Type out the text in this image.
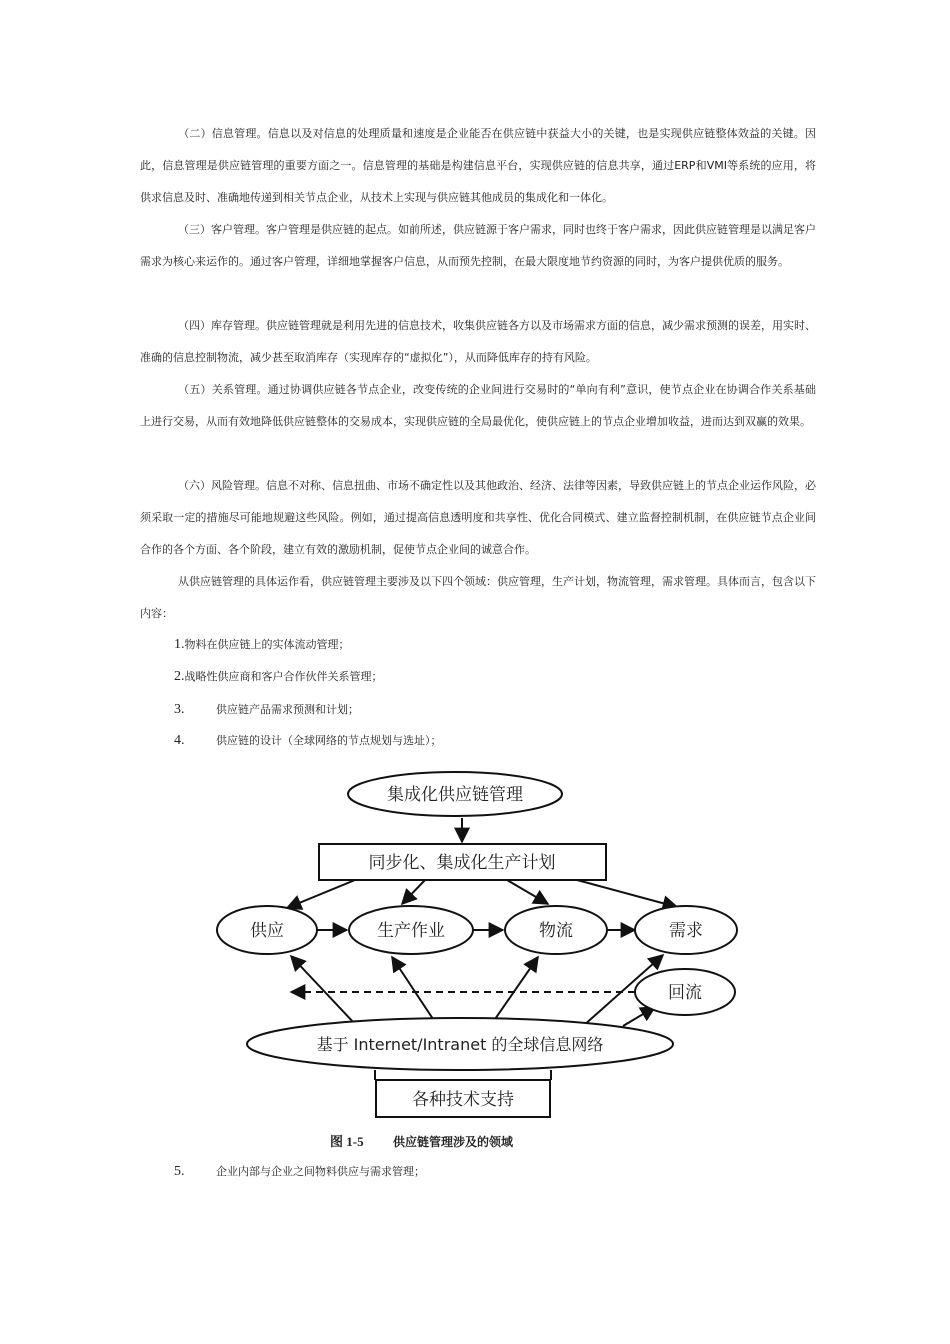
（二）信息管理。信息以及对信息的处理质量和速度是企业能否在供应链中获益大小的关键，也是实现供应链整体效益的关键。因此，信息管理是供应链管理的重要方面之一。信息管理的基础是构建信息平台，实现供应链的信息共享，通过ERP和VMI等系统的应用，将供求信息及时、准确地传递到相关节点企业，从技术上实现与供应链其他成员的集成化和一体化。

（三）客户管理。客户管理是供应链的起点。如前所述，供应链源于客户需求，同时也终于客户需求，因此供应链管理是以满足客户需求为核心来运作的。通过客户管理，详细地掌握客户信息，从而预先控制，在最大限度地节约资源的同时，为客户提供优质的服务。

（四）库存管理。供应链管理就是利用先进的信息技术，收集供应链各方以及市场需求方面的信息，减少需求预测的误差，用实时、准确的信息控制物流，减少甚至取消库存（实现库存的“虚拟化”），从而降低库存的持有风险。

（五）关系管理。通过协调供应链各节点企业，改变传统的企业间进行交易时的“单向有利”意识，使节点企业在协调合作关系基础上进行交易，从而有效地降低供应链整体的交易成本，实现供应链的全局最优化，使供应链上的节点企业增加收益，进而达到双赢的效果。

（六）风险管理。信息不对称、信息扭曲、市场不确定性以及其他政治、经济、法律等因素，导致供应链上的节点企业运作风险，必须采取一定的措施尽可能地规避这些风险。例如，通过提高信息透明度和共享性、优化合同模式、建立监督控制机制，在供应链节点企业间合作的各个方面、各个阶段，建立有效的激励机制，促使节点企业间的诚意合作。

从供应链管理的具体运作看，供应链管理主要涉及以下四个领域：供应管理，生产计划，物流管理，需求管理。具体而言，包含以下内容：

1.物料在供应链上的实体流动管理；

2.战略性供应商和客户合作伙伴关系管理；

3.	供应链产品需求预测和计划；

4.	供应链的设计（全球网络的节点规划与选址）；

集成化供应链管理
同步化、集成化生产计划
供应	生产作业	物流	需求
回流
基于 Internet/Intranet 的全球信息网络
各种技术支持
图 1-5 供应链管理涉及的领域

5.	企业内部与企业之间物料供应与需求管理；
